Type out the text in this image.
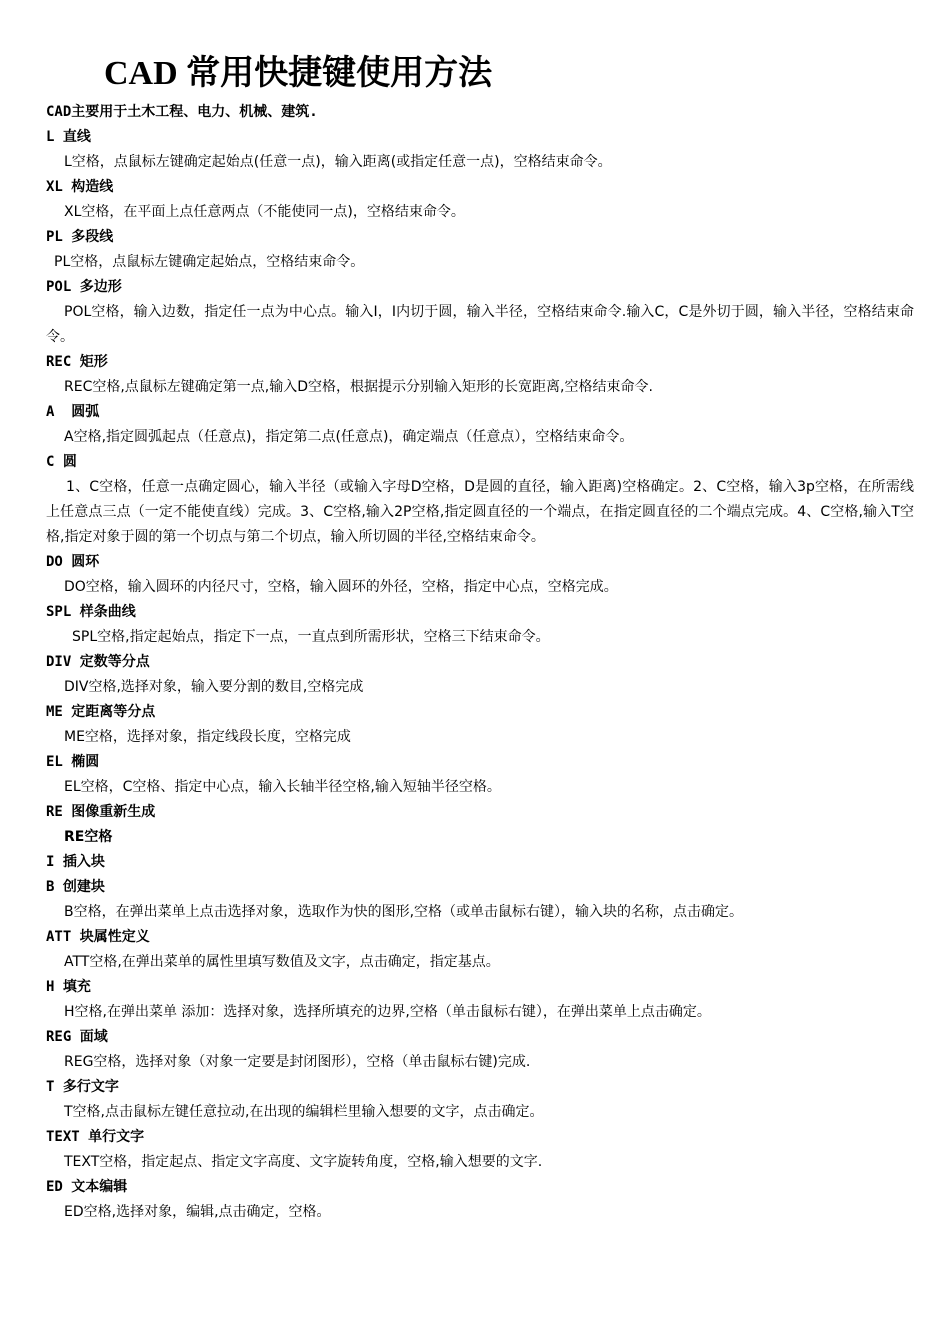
CAD 常用快捷键使用方法

CAD主要用于土木工程、电力、机械、建筑.

L 直线

L空格，点鼠标左键确定起始点(任意一点)，输入距离(或指定任意一点)，空格结束命令。

XL 构造线

XL空格，在平面上点任意两点（不能使同一点)，空格结束命令。

PL 多段线

PL空格，点鼠标左键确定起始点，空格结束命令。

POL 多边形

POL空格，输入边数，指定任一点为中心点。输入I，I内切于圆，输入半径，空格结束命令.输入C，C是外切于圆，输入半径，空格结束命令。

REC 矩形

REC空格,点鼠标左键确定第一点,输入D空格，根据提示分别输入矩形的长宽距离,空格结束命令.

A  圆弧

A空格,指定圆弧起点（任意点)，指定第二点(任意点)，确定端点（任意点），空格结束命令。

C 圆

1、C空格，任意一点确定圆心，输入半径（或输入字母D空格，D是圆的直径，输入距离)空格确定。2、C空格，输入3p空格，在所需线上任意点三点（一定不能使直线）完成。3、C空格,输入2P空格,指定圆直径的一个端点，在指定圆直径的二个端点完成。4、C空格,输入T空格,指定对象于圆的第一个切点与第二个切点，输入所切圆的半径,空格结束命令。

DO 圆环

DO空格，输入圆环的内径尺寸，空格，输入圆环的外径，空格，指定中心点，空格完成。

SPL 样条曲线

SPL空格,指定起始点，指定下一点，一直点到所需形状，空格三下结束命令。

DIV 定数等分点

DIV空格,选择对象，输入要分割的数目,空格完成

ME 定距离等分点

ME空格，选择对象，指定线段长度，空格完成

EL 椭圆

EL空格，C空格、指定中心点，输入长轴半径空格,输入短轴半径空格。

RE 图像重新生成

RE空格

I 插入块

B 创建块

B空格，在弹出菜单上点击选择对象，选取作为快的图形,空格（或单击鼠标右键），输入块的名称，点击确定。

ATT 块属性定义

ATT空格,在弹出菜单的属性里填写数值及文字，点击确定，指定基点。

H 填充

H空格,在弹出菜单 添加：选择对象，选择所填充的边界,空格（单击鼠标右键），在弹出菜单上点击确定。

REG 面域

REG空格，选择对象（对象一定要是封闭图形），空格（单击鼠标右键)完成.

T 多行文字

T空格,点击鼠标左键任意拉动,在出现的编辑栏里输入想要的文字，点击确定。

TEXT 单行文字

TEXT空格，指定起点、指定文字高度、文字旋转角度，空格,输入想要的文字.

ED 文本编辑

ED空格,选择对象，编辑,点击确定，空格。
